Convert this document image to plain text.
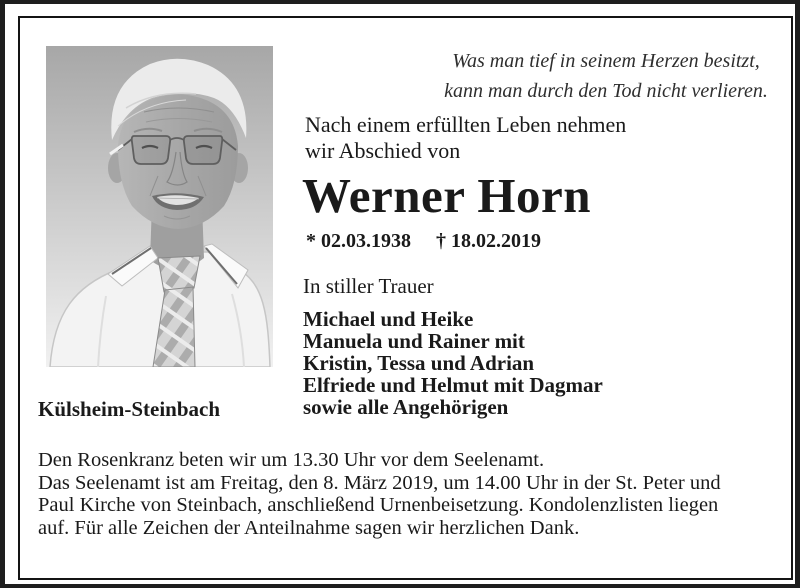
Was man tief in seinem Herzen besitzt,
kann man durch den Tod nicht verlieren.
Nach einem erfüllten Leben nehmen
wir Abschied von
Werner Horn
* 02.03.1938 † 18.02.2019
In stiller Trauer
Michael und Heike
Manuela und Rainer mit
Kristin, Tessa und Adrian
Elfriede und Helmut mit Dagmar
sowie alle Angehörigen
Külsheim-Steinbach
Den Rosenkranz beten wir um 13.30 Uhr vor dem Seelenamt.
Das Seelenamt ist am Freitag, den 8. März 2019, um 14.00 Uhr in der St. Peter und
Paul Kirche von Steinbach, anschließend Urnenbeisetzung. Kondolenzlisten liegen
auf. Für alle Zeichen der Anteilnahme sagen wir herzlichen Dank.
